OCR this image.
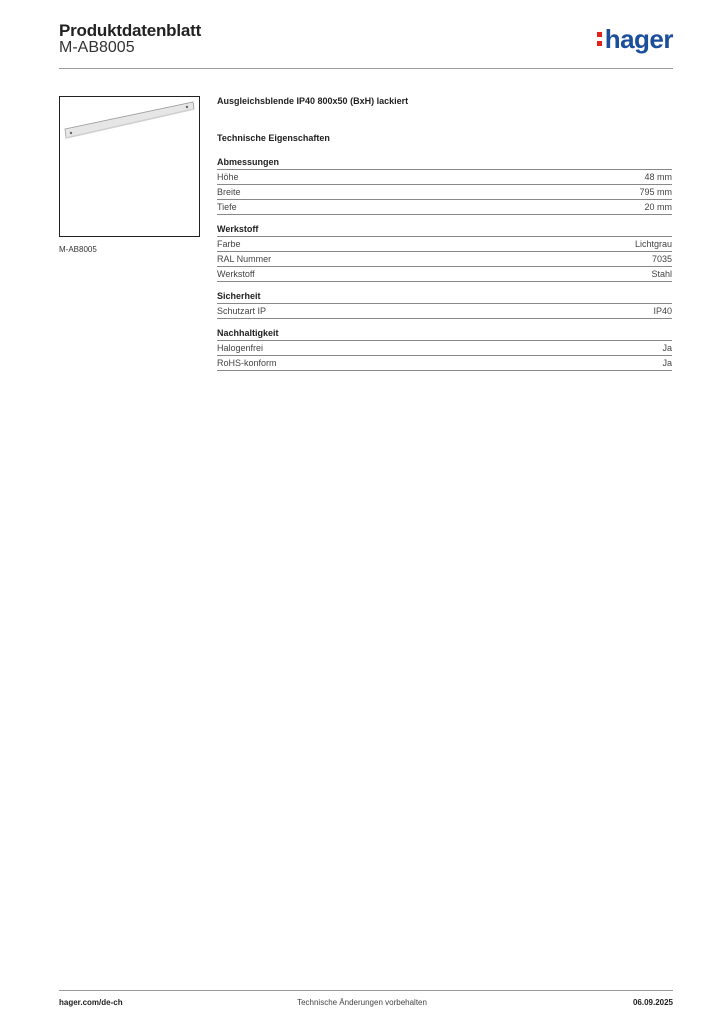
Produktdatenblatt
M-AB8005	hager
M-AB8005
Ausgleichsblende IP40 800x50 (BxH) lackiert
Technische Eigenschaften
Abmessungen
Höhe	48 mm
Breite	795 mm
Tiefe	20 mm
Werkstoff
Farbe	Lichtgrau
RAL Nummer	7035
Werkstoff	Stahl
Sicherheit
Schutzart IP	IP40
Nachhaltigkeit
Halogenfrei	Ja
RoHS-konform	Ja
hager.com/de-ch	Technische Änderungen vorbehalten	06.09.2025
